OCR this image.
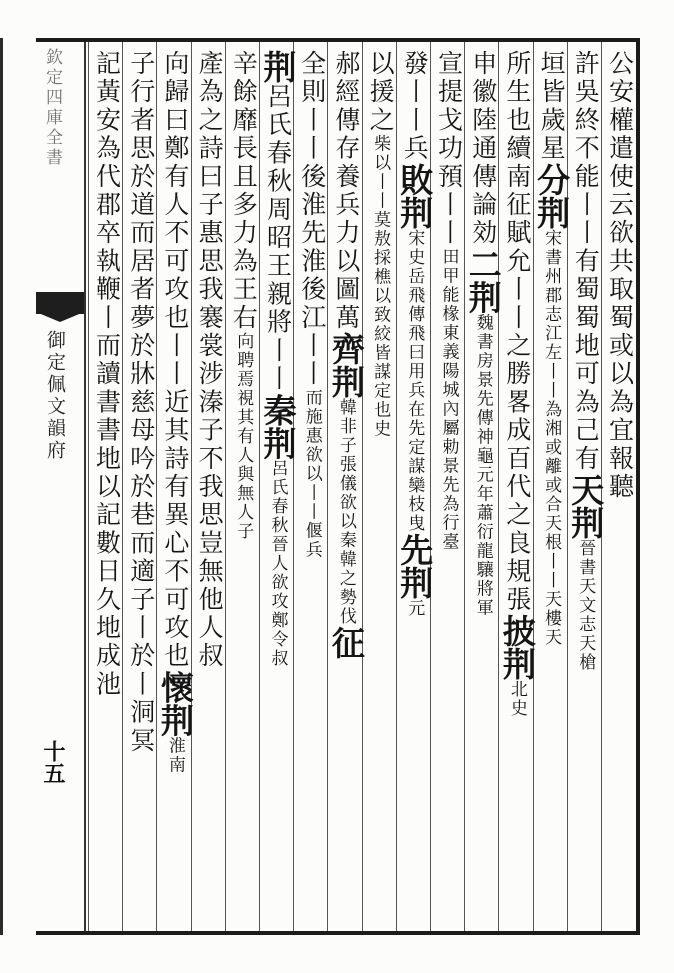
欽定四庫全書
御定佩文韻府
十五
公安權遣使云欲共取蜀或以為宜報聽
許吳終不能丨丨有蜀蜀地可為己有天荆晉書天文志天槍
垣皆歲星分荆宋書州郡志江左丨丨為湘或離或合天根丨丨天樓天
所生也續南征賦允丨丨之勝畧成百代之良規張披荆北史
申徽陸通傳論効二荆魏書房景先傳神龜元年蕭衍龍驤將軍
宣提戈功預丨丨田甲能椽東義陽城內屬勅景先為行臺
發丨丨兵敗荆宋史岳飛傳飛曰用兵在先定謀欒枝曳先荆元
以援之柴以丨丨莫敖採樵以致絞皆謀定也史
郝經傳存養兵力以圖萬齊荆韓非子張儀欲以秦韓之勢伐征
全則丨丨後淮先淮後江丨丨而施惠欲以丨丨偃兵
荆呂氏春秋周昭王親將丨丨秦荆呂氏春秋晉人欲攻鄭令叔
辛餘靡長且多力為王右向聘焉視其有人與無人子
產為之詩曰子惠思我褰裳涉溱子不我思豈無他人叔
向歸曰鄭有人不可攻也丨丨近其詩有異心不可攻也懷荆淮南
子行者思於道而居者夢於牀慈母吟於巷而適子丨於丨洞冥
記黃安為代郡卒執鞭丨而讀書書地以記數日久地成池
